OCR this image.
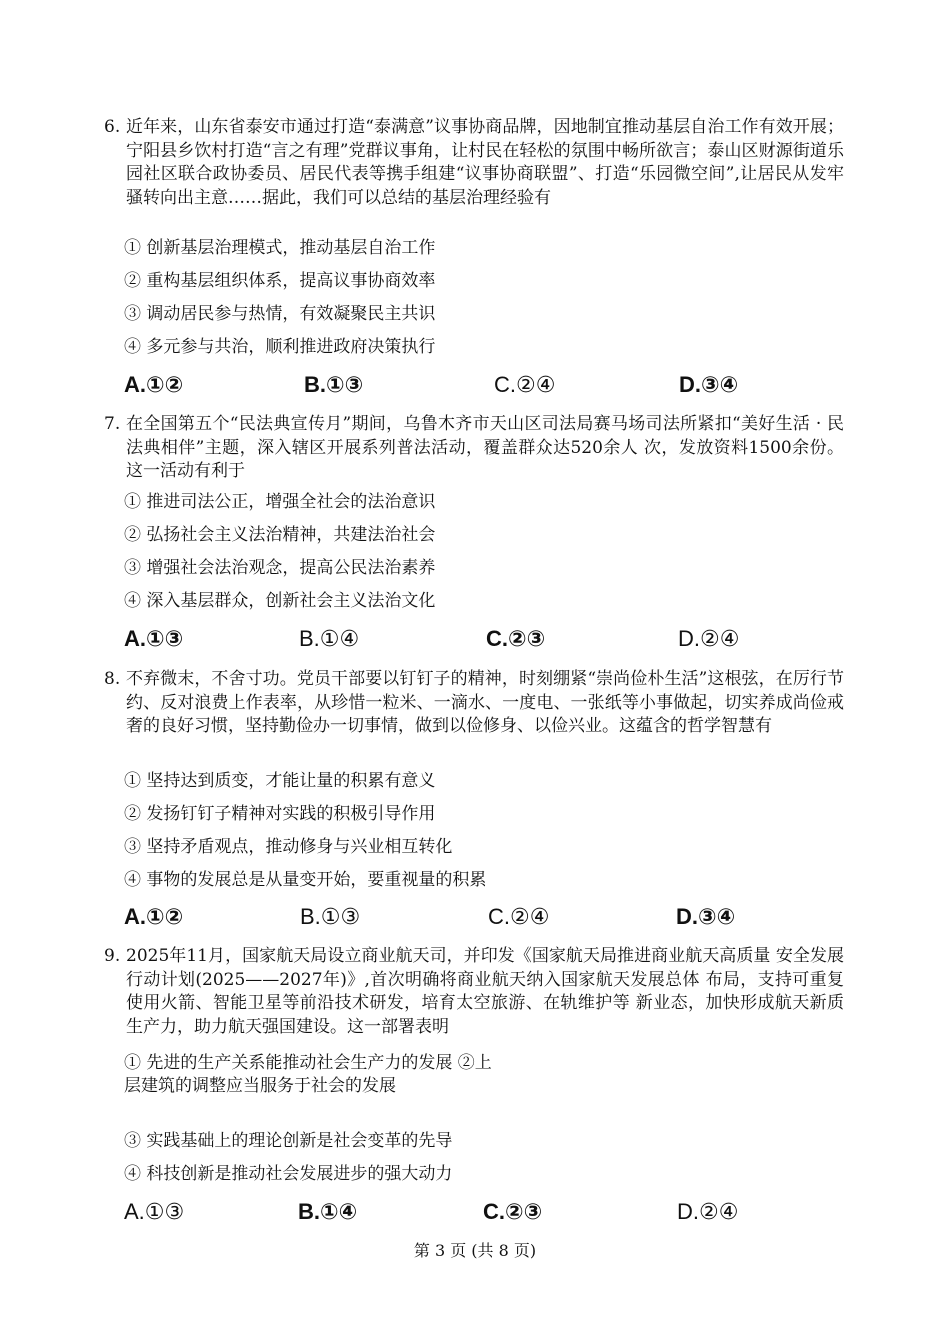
6. 近年来，山东省泰安市通过打造“泰满意”议事协商品牌，因地制宜推动基层自治工作有效开展；宁阳县乡饮村打造“言之有理”党群议事角，让村民在轻松的氛围中畅所欲言；泰山区财源街道乐园社区联合政协委员、居民代表等携手组建“议事协商联盟”、打造“乐园微空间”,让居民从发牢骚转向出主意……据此，我们可以总结的基层治理经验有
① 创新基层治理模式，推动基层自治工作
② 重构基层组织体系，提高议事协商效率
③ 调动居民参与热情，有效凝聚民主共识
④ 多元参与共治，顺利推进政府决策执行
A.①②	B.①③	C.②④	D.③④
7. 在全国第五个“民法典宣传月”期间，乌鲁木齐市天山区司法局赛马场司法所紧扣“美好生活 · 民法典相伴”主题，深入辖区开展系列普法活动，覆盖群众达520余人 次，发放资料1500余份。这一活动有利于
① 推进司法公正，增强全社会的法治意识
② 弘扬社会主义法治精神，共建法治社会
③ 增强社会法治观念，提高公民法治素养
④ 深入基层群众，创新社会主义法治文化
A.①③	B.①④	C.②③	D.②④
8. 不弃微末，不舍寸功。党员干部要以钉钉子的精神，时刻绷紧“崇尚俭朴生活”这根弦，在厉行节约、反对浪费上作表率，从珍惜一粒米、一滴水、一度电、一张纸等小事做起，切实养成尚俭戒奢的良好习惯，坚持勤俭办一切事情，做到以俭修身、以俭兴业。这蕴含的哲学智慧有
① 坚持达到质变，才能让量的积累有意义
② 发扬钉钉子精神对实践的积极引导作用
③ 坚持矛盾观点，推动修身与兴业相互转化
④ 事物的发展总是从量变开始，要重视量的积累
A.①②	B.①③	C.②④	D.③④
9. 2025年11月，国家航天局设立商业航天司，并印发《国家航天局推进商业航天高质量 安全发展行动计划(2025——2027年)》,首次明确将商业航天纳入国家航天发展总体 布局，支持可重复使用火箭、智能卫星等前沿技术研发，培育太空旅游、在轨维护等 新业态，加快形成航天新质生产力，助力航天强国建设。这一部署表明
① 先进的生产关系能推动社会生产力的发展 ②上层建筑的调整应当服务于社会的发展
③ 实践基础上的理论创新是社会变革的先导
④ 科技创新是推动社会发展进步的强大动力
A.①③	B.①④	C.②③	D.②④
第 3 页 (共 8 页)
